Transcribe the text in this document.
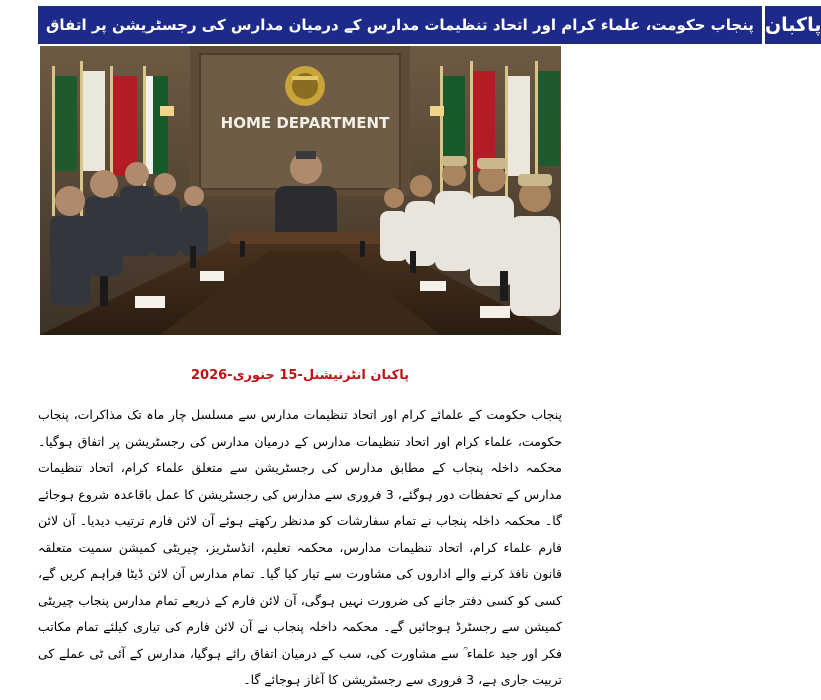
پنجاب حکومت، علماء کرام اور اتحاد تنظیمات مدارس کے درمیان مدارس کی رجسٹریشن پر اتفاق پاکبان
HOME DEPARTMENT
پاکبان انٹرنیشنل-15 جنوری-2026
پنجاب حکومت کے علمائے کرام اور اتحاد تنظیمات مدارس سے مسلسل چار ماہ تک مذاکرات، پنجاب حکومت، علماء کرام اور اتحاد تنظیمات مدارس کے درمیان مدارس کی رجسٹریشن پر اتفاق ہوگیا۔ محکمہ داخلہ پنجاب کے مطابق مدارس کی رجسٹریشن سے متعلق علماء کرام، اتحاد تنظیمات مدارس کے تحفظات دور ہوگئے، 3 فروری سے مدارس کی رجسٹریشن کا عمل باقاعدہ شروع ہوجائے گا۔ محکمہ داخلہ پنجاب نے تمام سفارشات کو مدنظر رکھتے ہوئے آن لائن فارم ترتیب دیدیا۔ آن لائن فارم علماء کرام، اتحاد تنظیمات مدارس، محکمہ تعلیم، انڈسٹریز، چیریٹی کمیشن سمیت متعلقہ قانون نافذ کرنے والے اداروں کی مشاورت سے تیار کیا گیا۔ تمام مدارس آن لائن ڈیٹا فراہم کریں گے، کسی کو کسی دفتر جانے کی ضرورت نہیں ہوگی، آن لائن فارم کے ذریعے تمام مدارس پنجاب چیریٹی کمیشن سے رجسٹرڈ ہوجائیں گے۔ محکمہ داخلہ پنجاب نے آن لائن فارم کی تیاری کیلئے تمام مکاتب فکر اور جید علماء ؒ سے مشاورت کی، سب کے درمیان اتفاق رائے ہوگیا، مدارس کے آئی ٹی عملے کی تربیت جاری ہے، 3 فروری سے رجسٹریشن کا آغاز ہوجائے گا۔
